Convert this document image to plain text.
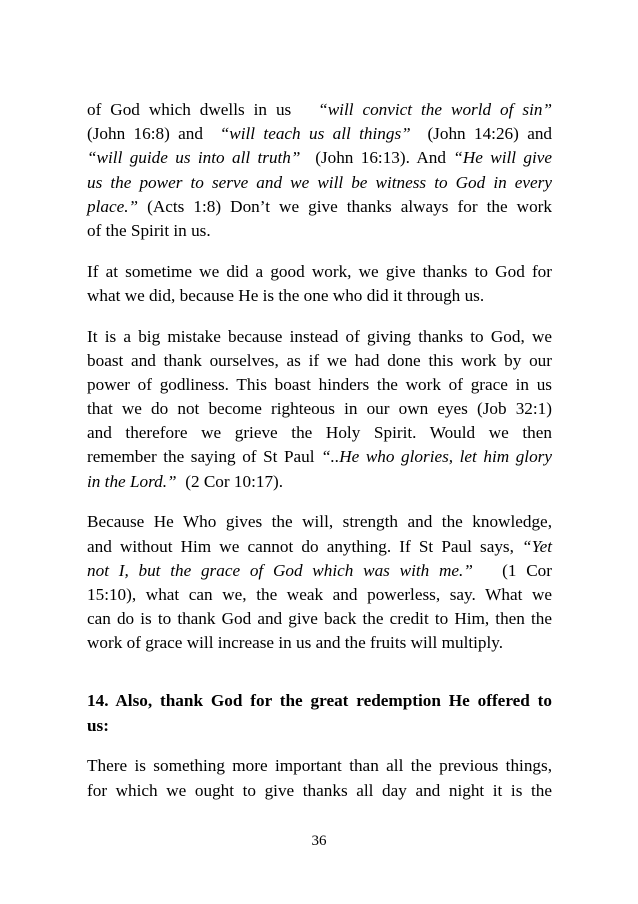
of God which dwells in us “will convict the world of sin”
(John 16:8) and “will teach us all things” (John 14:26) and
“will guide us into all truth” (John 16:13). And “He will give
us the power to serve and we will be witness to God in every
place.” (Acts 1:8) Don’t we give thanks always for the work
of the Spirit in us.
If at sometime we did a good work, we give thanks to God for
what we did, because He is the one who did it through us.
It is a big mistake because instead of giving thanks to God, we
boast and thank ourselves, as if we had done this work by our
power of godliness. This boast hinders the work of grace in us
that we do not become righteous in our own eyes (Job 32:1)
and therefore we grieve the Holy Spirit. Would we then
remember the saying of St Paul “..He who glories, let him glory
in the Lord.” (2 Cor 10:17).
Because He Who gives the will, strength and the knowledge,
and without Him we cannot do anything. If St Paul says, “Yet
not I, but the grace of God which was with me.” (1 Cor
15:10), what can we, the weak and powerless, say. What we
can do is to thank God and give back the credit to Him, then the
work of grace will increase in us and the fruits will multiply.
14. Also, thank God for the great redemption He offered to
us:
There is something more important than all the previous things,
for which we ought to give thanks all day and night it is the
36
